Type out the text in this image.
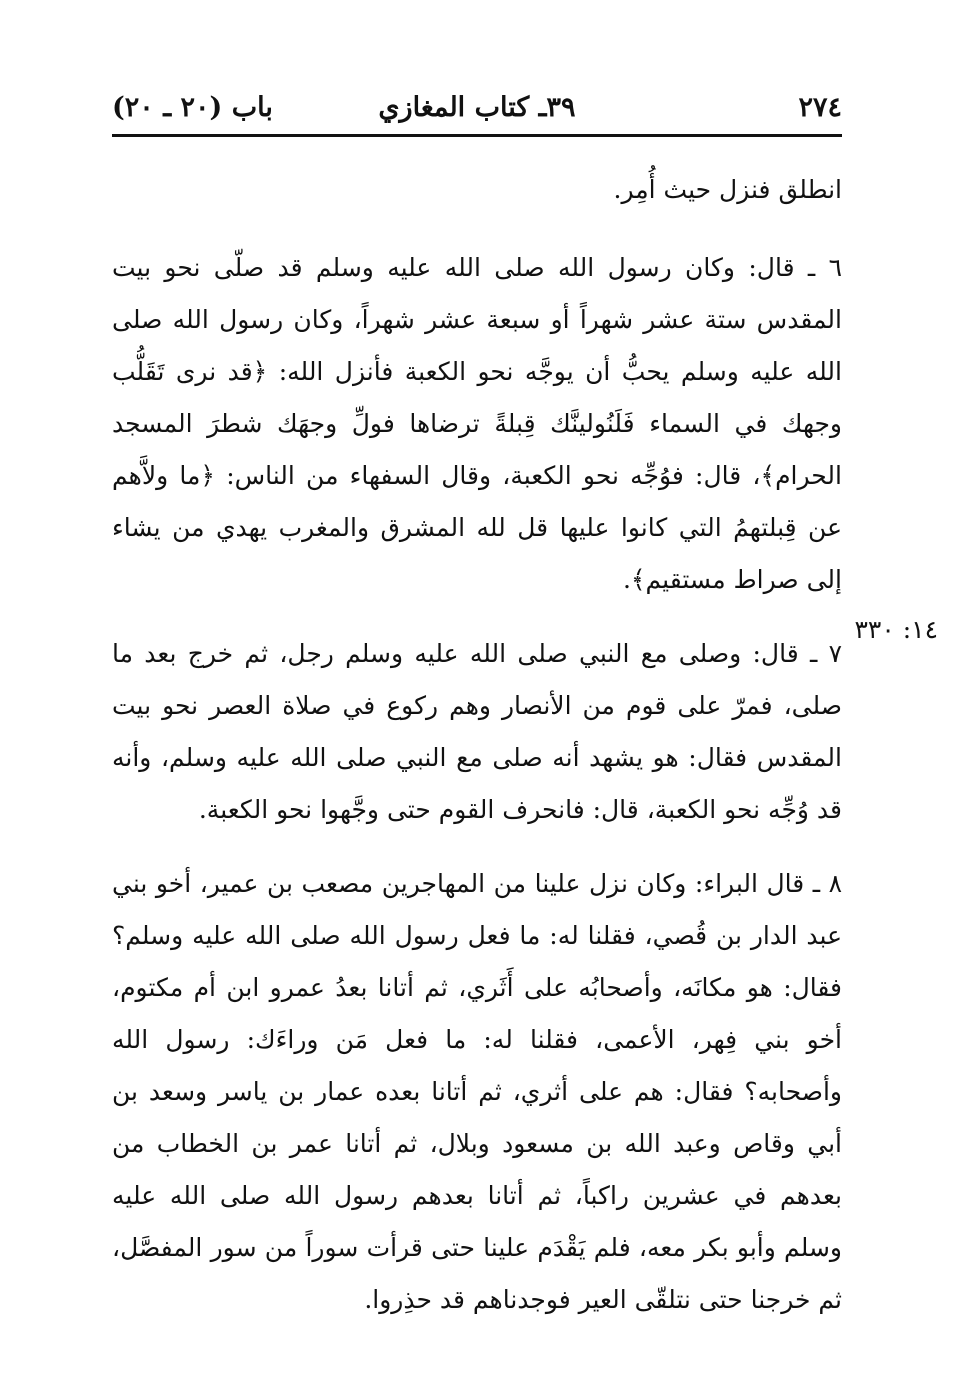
٢٧٤
٣٩ـ كتاب المغازي
باب (٢٠ ـ ٢٠)
١٤: ٣٣٠

انطلق فنزل حيث أُمِر.

٦ ـ قال: وكان رسول الله صلى الله عليه وسلم قد صلّى نحو بيت المقدس ستة عشر شهراً أو سبعة عشر شهراً، وكان رسول الله صلى الله عليه وسلم يحبُّ أن يوجَّه نحو الكعبة فأنزل الله: ﴿قد نرى تَقَلُّب وجهك في السماء فَلَنُولينَّك قِبلةً ترضاها فولِّ وجهَك شطرَ المسجد الحرام﴾، قال: فوُجِّه نحو الكعبة، وقال السفهاء من الناس: ﴿ما ولاَّهم عن قِبلتهمُ التي كانوا عليها قل لله المشرق والمغرب يهدي من يشاء إلى صراط مستقيم﴾.

٧ ـ قال: وصلى مع النبي صلى الله عليه وسلم رجل، ثم خرج بعد ما صلى، فمرّ على قوم من الأنصار وهم ركوع في صلاة العصر نحو بيت المقدس فقال: هو يشهد أنه صلى مع النبي صلى الله عليه وسلم، وأنه قد وُجِّه نحو الكعبة، قال: فانحرف القوم حتى وجَّهوا نحو الكعبة.

٨ ـ قال البراء: وكان نزل علينا من المهاجرين مصعب بن عمير، أخو بني عبد الدار بن قُصي، فقلنا له: ما فعل رسول الله صلى الله عليه وسلم؟ فقال: هو مكانَه، وأصحابُه على أَثَري، ثم أتانا بعدُ عمرو ابن أم مكتوم، أخو بني فِهر، الأعمى، فقلنا له: ما فعل مَن وراءَك: رسول الله وأصحابه؟ فقال: هم على أثري، ثم أتانا بعده عمار بن ياسر وسعد بن أبي وقاص وعبد الله بن مسعود وبلال، ثم أتانا عمر بن الخطاب من بعدهم في عشرين راكباً، ثم أتانا بعدهم رسول الله صلى الله عليه وسلم وأبو بكر معه، فلم يَقْدَم علينا حتى قرأت سوراً من سور المفصَّل، ثم خرجنا حتى نتلقّى العير فوجدناهم قد حذِروا.
